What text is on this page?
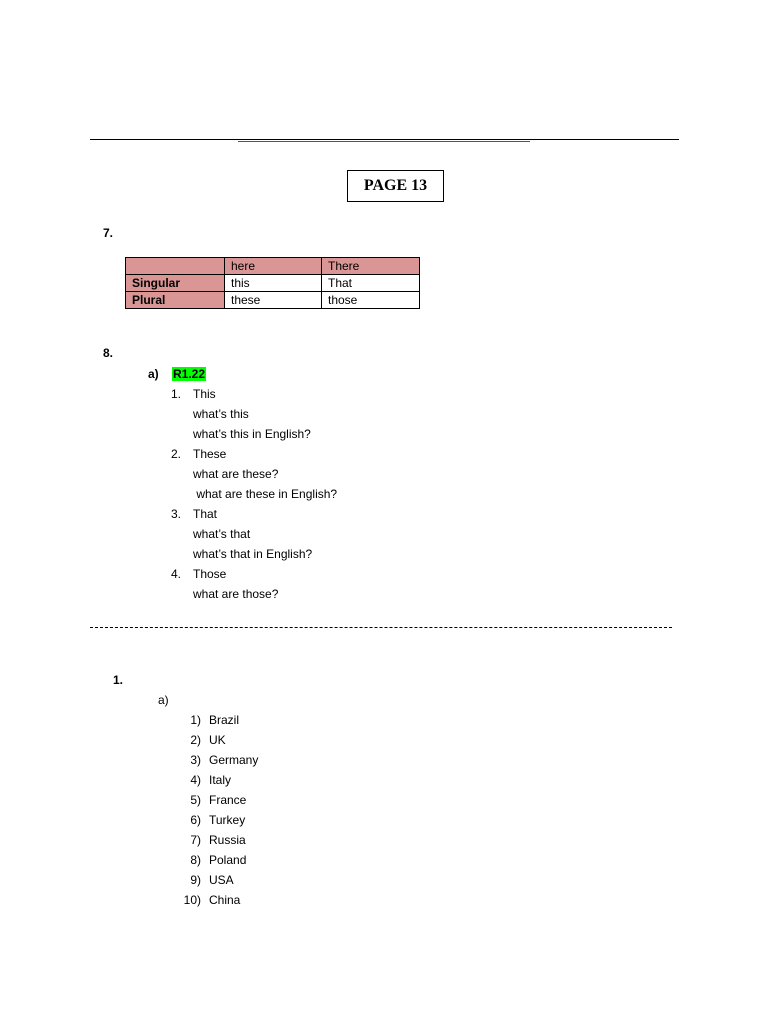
PAGE 13
7.
	here	There
Singular	this	That
Plural	these	those
8.
a) R1.22
1. This
what’s this
what’s this in English?
2. These
what are these?
what are these in English?
3. That
what’s that
what’s that in English?
4. Those
what are those?
1.
a)
1) Brazil
2) UK
3) Germany
4) Italy
5) France
6) Turkey
7) Russia
8) Poland
9) USA
10) China
